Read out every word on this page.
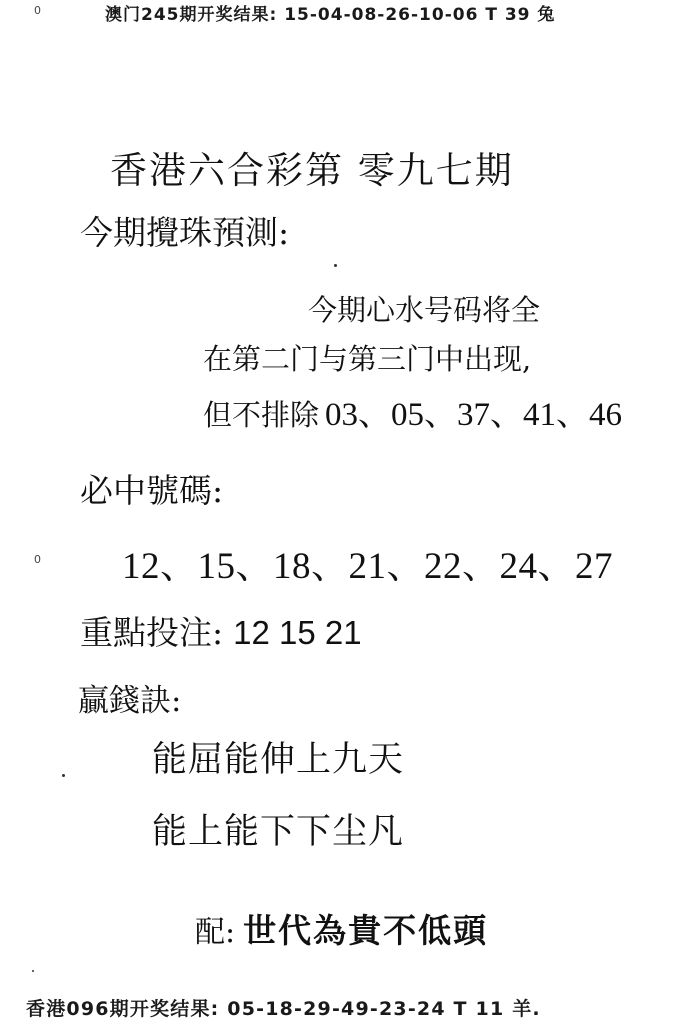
澳门245期开奖结果: 15-04-08-26-10-06 T 39 兔
0
0
香港六合彩第 零九七期
今期攪珠預測:
今期心水号码将全
在第二门与第三门中出现,
但不排除 03、05、37、41、46
必中號碼:
12、15、18、21、22、24、27
重點投注: 12 15 21
贏錢訣:
能屈能伸上九天
能上能下下尘凡
配: 世代為貴不低頭
香港096期开奖结果: 05-18-29-49-23-24 T 11 羊.
